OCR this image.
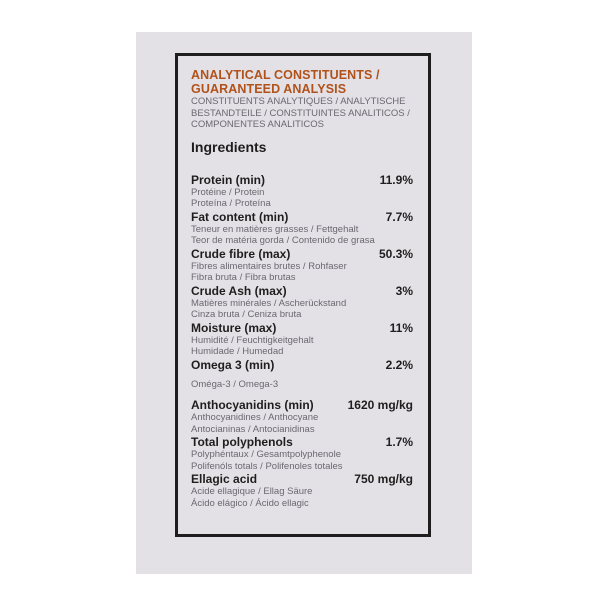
ANALYTICAL CONSTITUENTS /
GUARANTEED ANALYSIS
CONSTITUENTS ANALYTIQUES / ANALYTISCHE
BESTANDTEILE / CONSTITUINTES ANALITICOS /
COMPONENTES ANALITICOS
Ingredients
Protein (min)	11.9%
Protéine / Protein
Proteína / Proteína
Fat content (min)	7.7%
Teneur en matières grasses / Fettgehalt
Teor de matéria gorda / Contenido de grasa
Crude fibre (max)	50.3%
Fibres alimentaires brutes / Rohfaser
Fibra bruta / Fibra brutas
Crude Ash (max)	3%
Matières minérales / Ascherückstand
Cinza bruta / Ceniza bruta
Moisture (max)	11%
Humidité / Feuchtigkeitgehalt
Humidade / Humedad
Omega 3 (min)	2.2%
Oméga-3 / Omega-3
Anthocyanidins (min)	1620 mg/kg
Anthocyanidines / Anthocyane
Antocianinas / Antocianidinas
Total polyphenols	1.7%
Polyphéntaux / Gesamtpolyphenole
Polifenóls totals / Polifenoles totales
Ellagic acid	750 mg/kg
Acide ellagique / Ellag Säure
Ácido elágico / Ácido ellagic
